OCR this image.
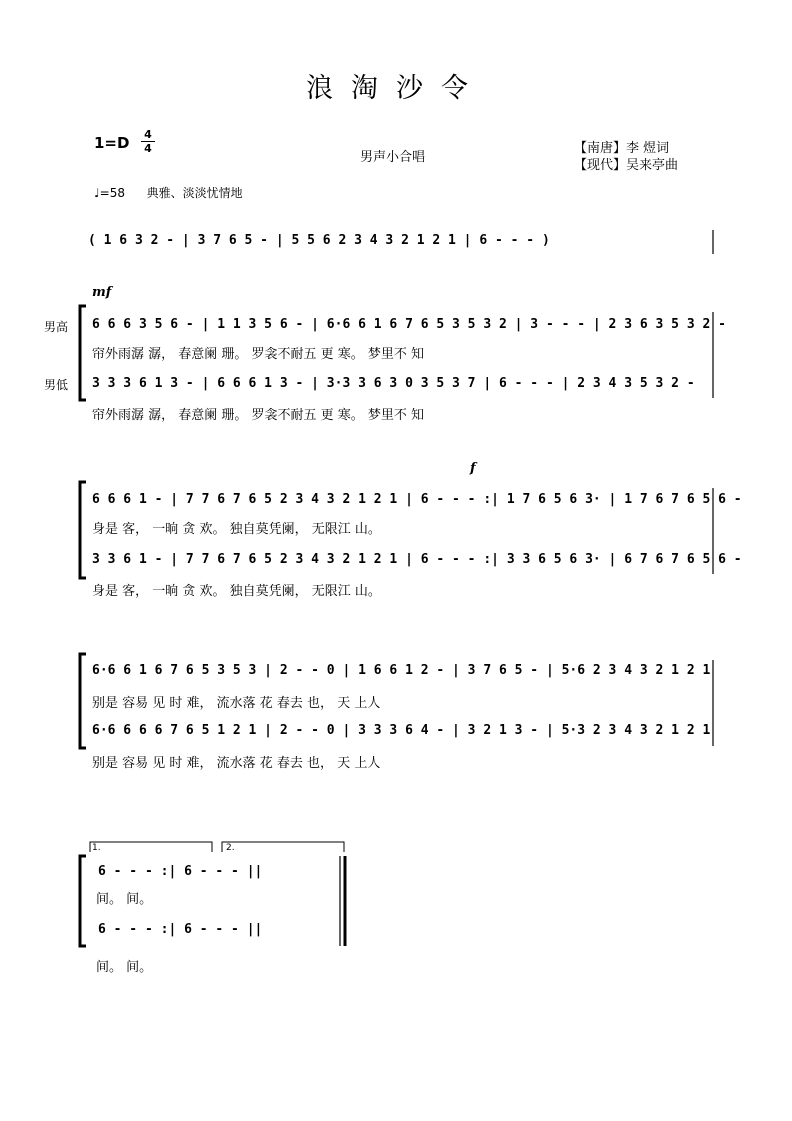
浪淘沙令
1=D 4
4
男声小合唱
【南唐】李 煜词
【现代】吴来亭曲
♩=58 典雅、淡淡忧情地
( 1 6 3 2 - | 3 7 6 5 - | 5 5 6 2 3 4 3 2 1 2 1 | 6 - - - )
mf
f
男高
男低
6 6 6 3 5 6 - | 1 1 3 5 6 - | 6·6 6 1 6 7 6 5 3 5 3 2 | 3 - - - | 2 3 6 3 5 3 2 -
帘外雨潺 潺， 春意阑 珊。 罗衾不耐五 更 寒。 梦里不 知
3 3 3 6 1 3 - | 6 6 6 1 3 - | 3·3 3 6 3 0 3 5 3 7 | 6 - - - | 2 3 4 3 5 3 2 -
帘外雨潺 潺， 春意阑 珊。 罗衾不耐五 更 寒。 梦里不 知
6 6 6 1 - | 7 7 6 7 6 5 2 3 4 3 2 1 2 1 | 6 - - - :| 1 7 6 5 6 3· | 1 7 6 7 6 5 6 -
身是 客， 一晌 贪 欢。 独自莫凭阑， 无限江 山。
3 3 6 1 - | 7 7 6 7 6 5 2 3 4 3 2 1 2 1 | 6 - - - :| 3 3 6 5 6 3· | 6 7 6 7 6 5 6 -
身是 客， 一晌 贪 欢。 独自莫凭阑， 无限江 山。
6·6 6 1 6 7 6 5 3 5 3 | 2 - - 0 | 1 6 6 1 2 - | 3 7 6 5 - | 5·6 2 3 4 3 2 1 2 1
别是 容易 见 时 难， 流水落 花 春去 也， 天 上人
6·6 6 6 6 7 6 5 1 2 1 | 2 - - 0 | 3 3 3 6 4 - | 3 2 1 3 - | 5·3 2 3 4 3 2 1 2 1
别是 容易 见 时 难， 流水落 花 春去 也， 天 上人
1.	2.
6 - - - :| 6 - - - ||
间。 间。
6 - - - :| 6 - - - ||
间。 间。
